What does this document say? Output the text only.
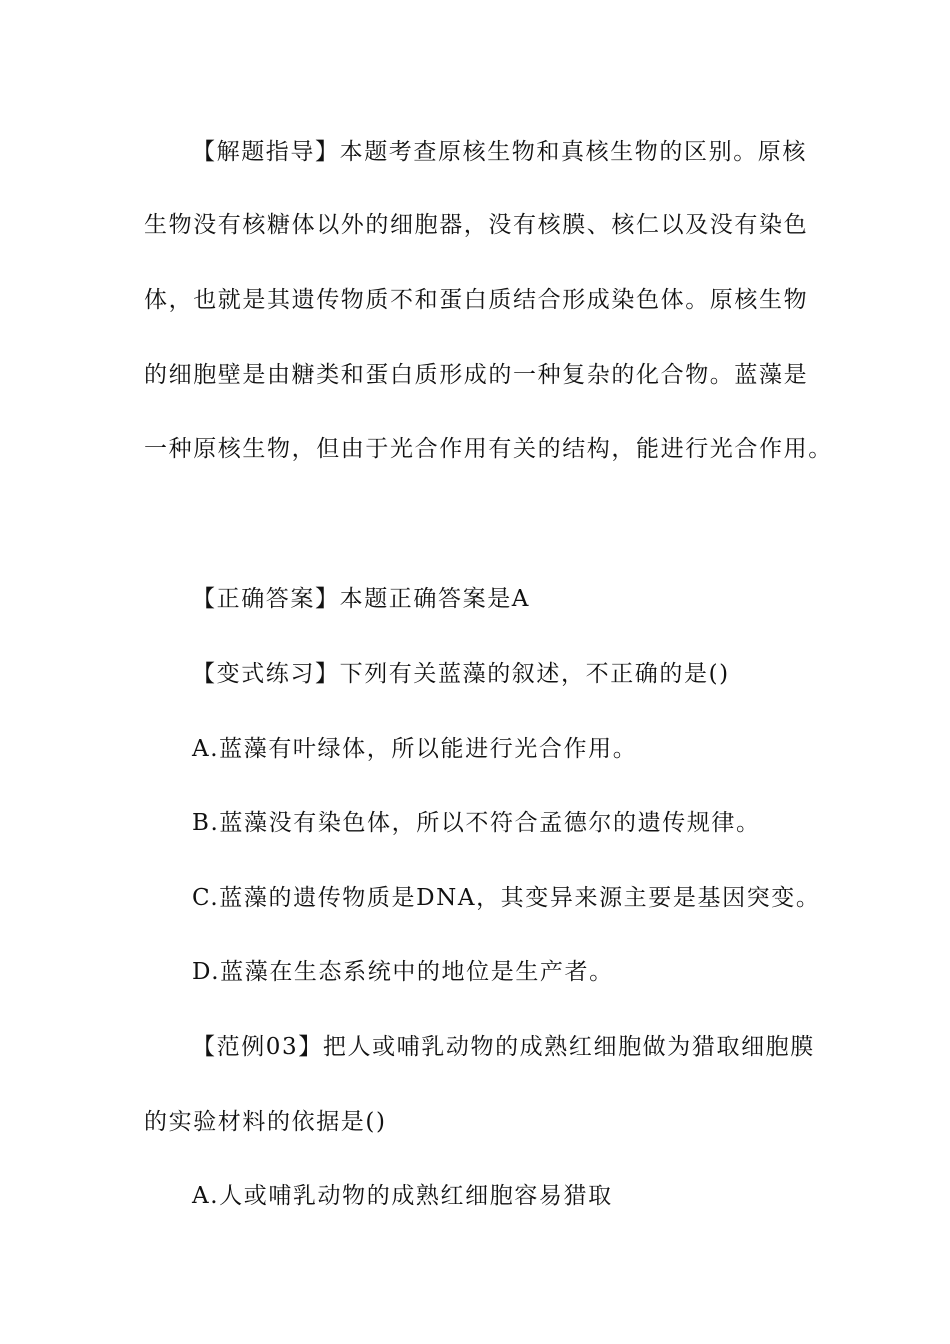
【解题指导】本题考查原核生物和真核生物的区别。原核
生物没有核糖体以外的细胞器，没有核膜、核仁以及没有染色
体，也就是其遗传物质不和蛋白质结合形成染色体。原核生物
的细胞壁是由糖类和蛋白质形成的一种复杂的化合物。蓝藻是
一种原核生物，但由于光合作用有关的结构，能进行光合作用。
【正确答案】本题正确答案是A
【变式练习】下列有关蓝藻的叙述，不正确的是()
A.蓝藻有叶绿体，所以能进行光合作用。
B.蓝藻没有染色体，所以不符合孟德尔的遗传规律。
C.蓝藻的遗传物质是DNA，其变异来源主要是基因突变。
D.蓝藻在生态系统中的地位是生产者。
【范例03】把人或哺乳动物的成熟红细胞做为猎取细胞膜
的实验材料的依据是()
A.人或哺乳动物的成熟红细胞容易猎取
